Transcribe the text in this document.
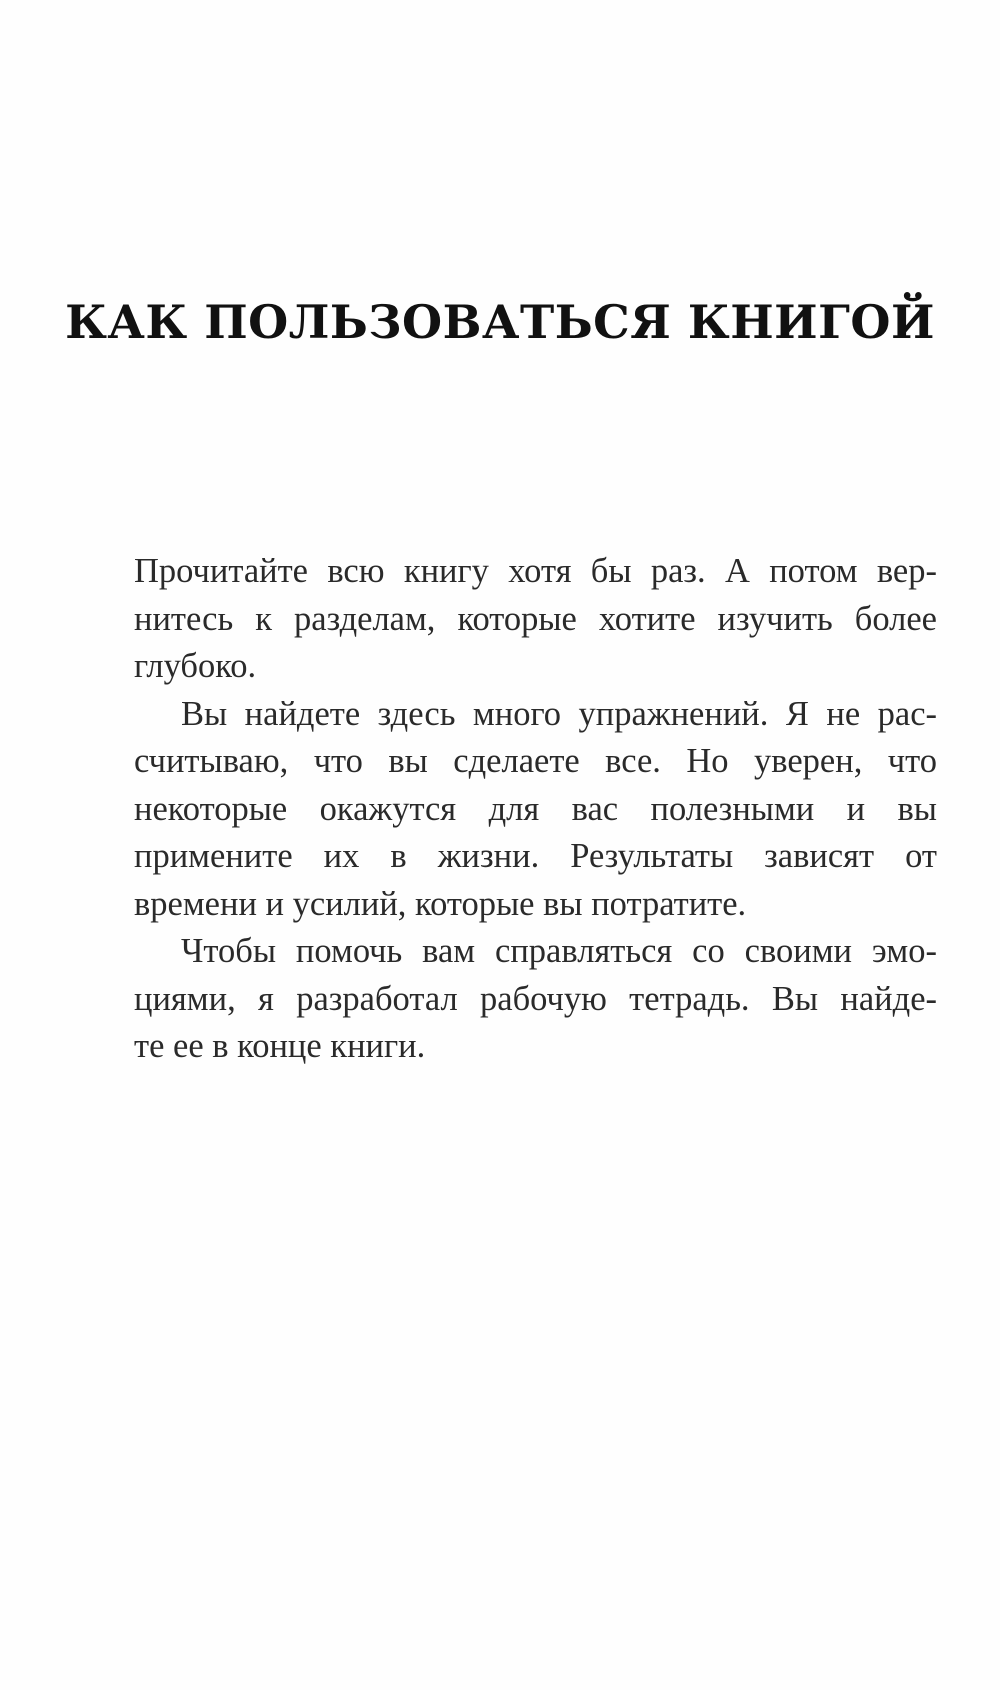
КАК ПОЛЬЗОВАТЬСЯ КНИГОЙ

Прочитайте всю книгу хотя бы раз. А потом вер-
нитесь к разделам, которые хотите изучить более
глубоко.

Вы найдете здесь много упражнений. Я не рас-
считываю, что вы сделаете все. Но уверен, что
некоторые окажутся для вас полезными и вы
примените их в жизни. Результаты зависят от
времени и усилий, которые вы потратите.

Чтобы помочь вам справляться со своими эмо-
циями, я разработал рабочую тетрадь. Вы найде-
те ее в конце книги.
